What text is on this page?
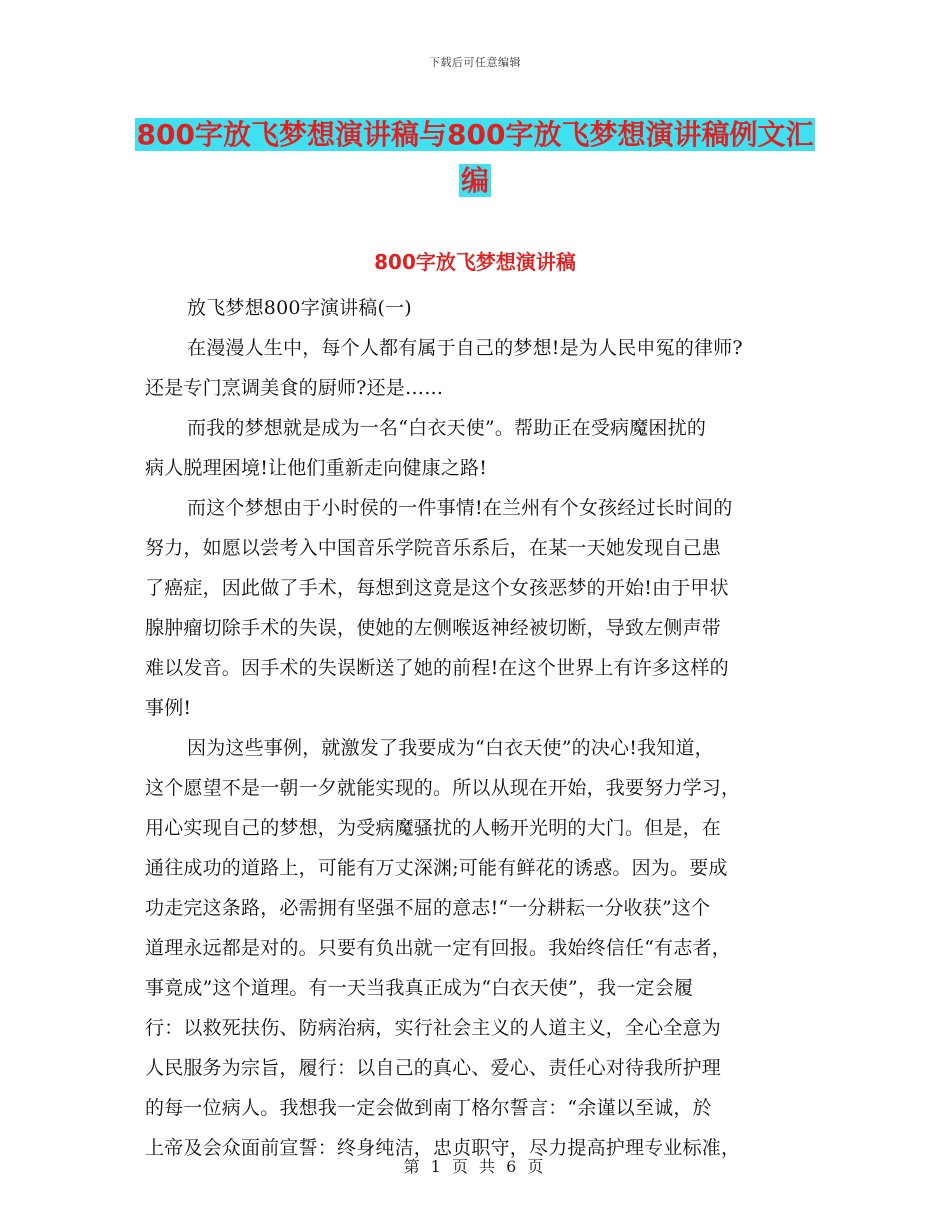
下载后可任意编辑
800字放飞梦想演讲稿与800字放飞梦想演讲稿例文汇
编
800字放飞梦想演讲稿

放飞梦想800字演讲稿(一)

在漫漫人生中，每个人都有属于自己的梦想!是为人民申冤的律师?

还是专门烹调美食的厨师?还是……

而我的梦想就是成为一名“白衣天使”。帮助正在受病魔困扰的

病人脱理困境!让他们重新走向健康之路!

而这个梦想由于小时侯的一件事情!在兰州有个女孩经过长时间的

努力，如愿以尝考入中国音乐学院音乐系后，在某一天她发现自己患

了癌症，因此做了手术，每想到这竟是这个女孩恶梦的开始!由于甲状

腺肿瘤切除手术的失误，使她的左侧喉返神经被切断，导致左侧声带

难以发音。因手术的失误断送了她的前程!在这个世界上有许多这样的

事例!

因为这些事例，就激发了我要成为“白衣天使”的决心!我知道，

这个愿望不是一朝一夕就能实现的。所以从现在开始，我要努力学习，

用心实现自己的梦想，为受病魔骚扰的人畅开光明的大门。但是，在

通往成功的道路上，可能有万丈深渊;可能有鲜花的诱惑。因为。要成

功走完这条路，必需拥有坚强不屈的意志!“一分耕耘一分收获”这个

道理永远都是对的。只要有负出就一定有回报。我始终信任“有志者，

事竟成”这个道理。有一天当我真正成为“白衣天使”，我一定会履

行：以救死扶伤、防病治病，实行社会主义的人道主义，全心全意为

人民服务为宗旨，履行：以自己的真心、爱心、责任心对待我所护理

的每一位病人。我想我一定会做到南丁格尔誓言：“余谨以至诚，於

上帝及会众面前宣誓：终身纯洁，忠贞职守，尽力提高护理专业标准，

第 1 页 共 6 页
